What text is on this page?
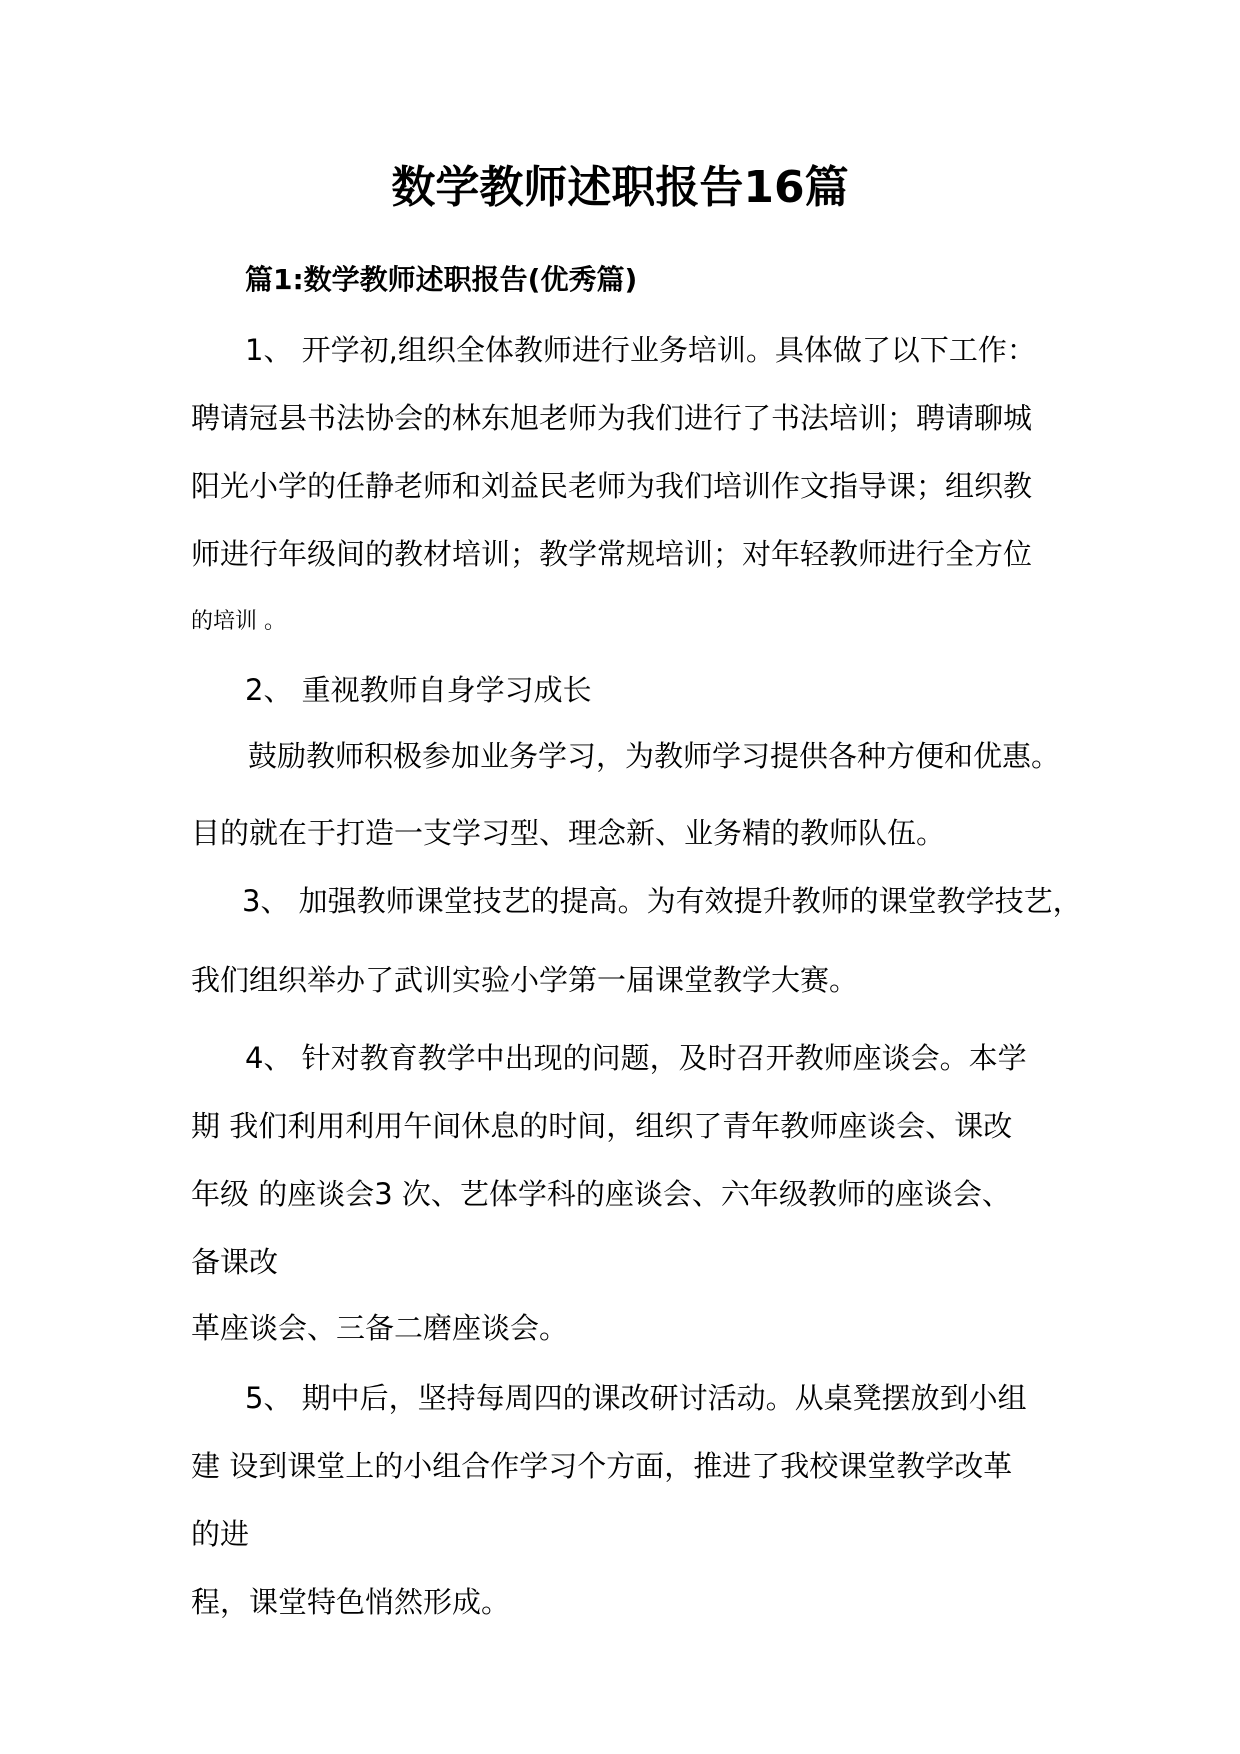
数学教师述职报告16篇
篇1:数学教师述职报告(优秀篇)
1、 开学初,组织全体教师进行业务培训。具体做了以下工作：
聘请冠县书法协会的林东旭老师为我们进行了书法培训；聘请聊城
阳光小学的任静老师和刘益民老师为我们培训作文指导课；组织教
师进行年级间的教材培训；教学常规培训；对年轻教师进行全方位
的培训 。
2、 重视教师自身学习成长
鼓励教师积极参加业务学习，为教师学习提供各种方便和优惠。
目的就在于打造一支学习型、理念新、业务精的教师队伍。
3、 加强教师课堂技艺的提高。为有效提升教师的课堂教学技艺，
我们组织举办了武训实验小学第一届课堂教学大赛。
4、 针对教育教学中出现的问题，及时召开教师座谈会。本学
期 我们利用利用午间休息的时间，组织了青年教师座谈会、课改
年级 的座谈会3 次、艺体学科的座谈会、六年级教师的座谈会、
备课改
革座谈会、三备二磨座谈会。
5、 期中后，坚持每周四的课改研讨活动。从桌凳摆放到小组
建 设到课堂上的小组合作学习个方面，推进了我校课堂教学改革
的进
程，课堂特色悄然形成。
